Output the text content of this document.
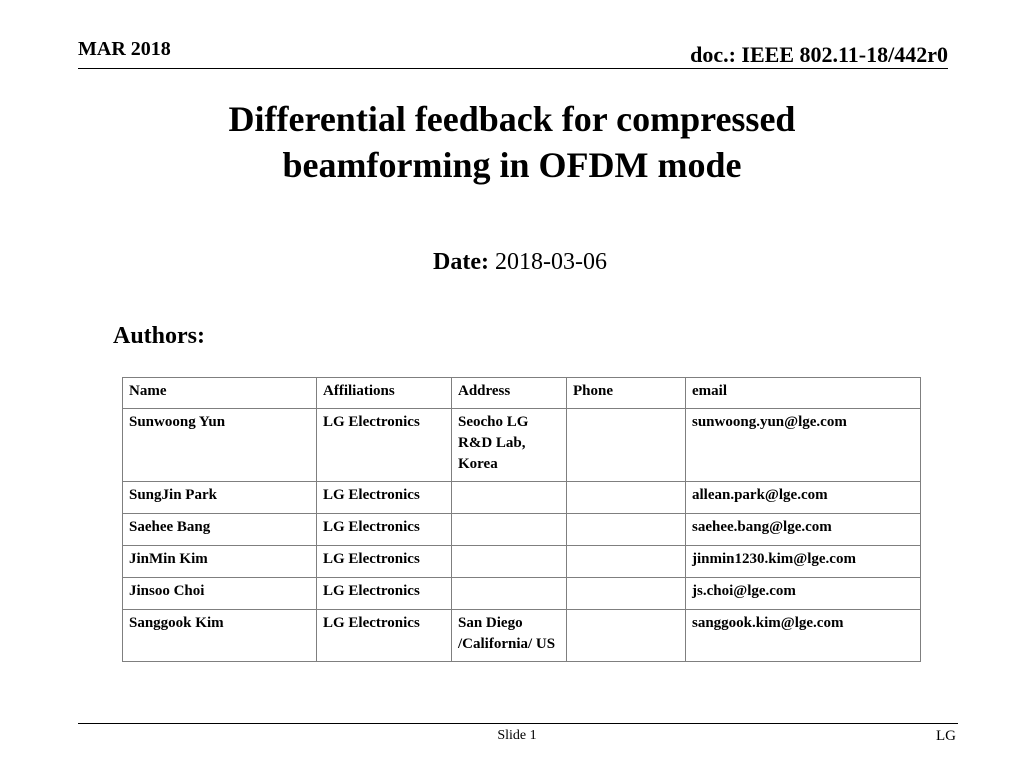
MAR 2018	doc.: IEEE 802.11-18/442r0
Differential feedback for compressed
beamforming in OFDM mode
Date: 2018-03-06
Authors:
Name	Affiliations	Address	Phone	email
Sunwoong Yun	LG Electronics	Seocho LG R&D Lab, Korea		sunwoong.yun@lge.com
SungJin Park	LG Electronics			allean.park@lge.com
Saehee Bang	LG Electronics			saehee.bang@lge.com
JinMin Kim	LG Electronics			jinmin1230.kim@lge.com
Jinsoo Choi	LG Electronics			js.choi@lge.com
Sanggook Kim	LG Electronics	San Diego /California/ US		sanggook.kim@lge.com
Slide 1	LG
